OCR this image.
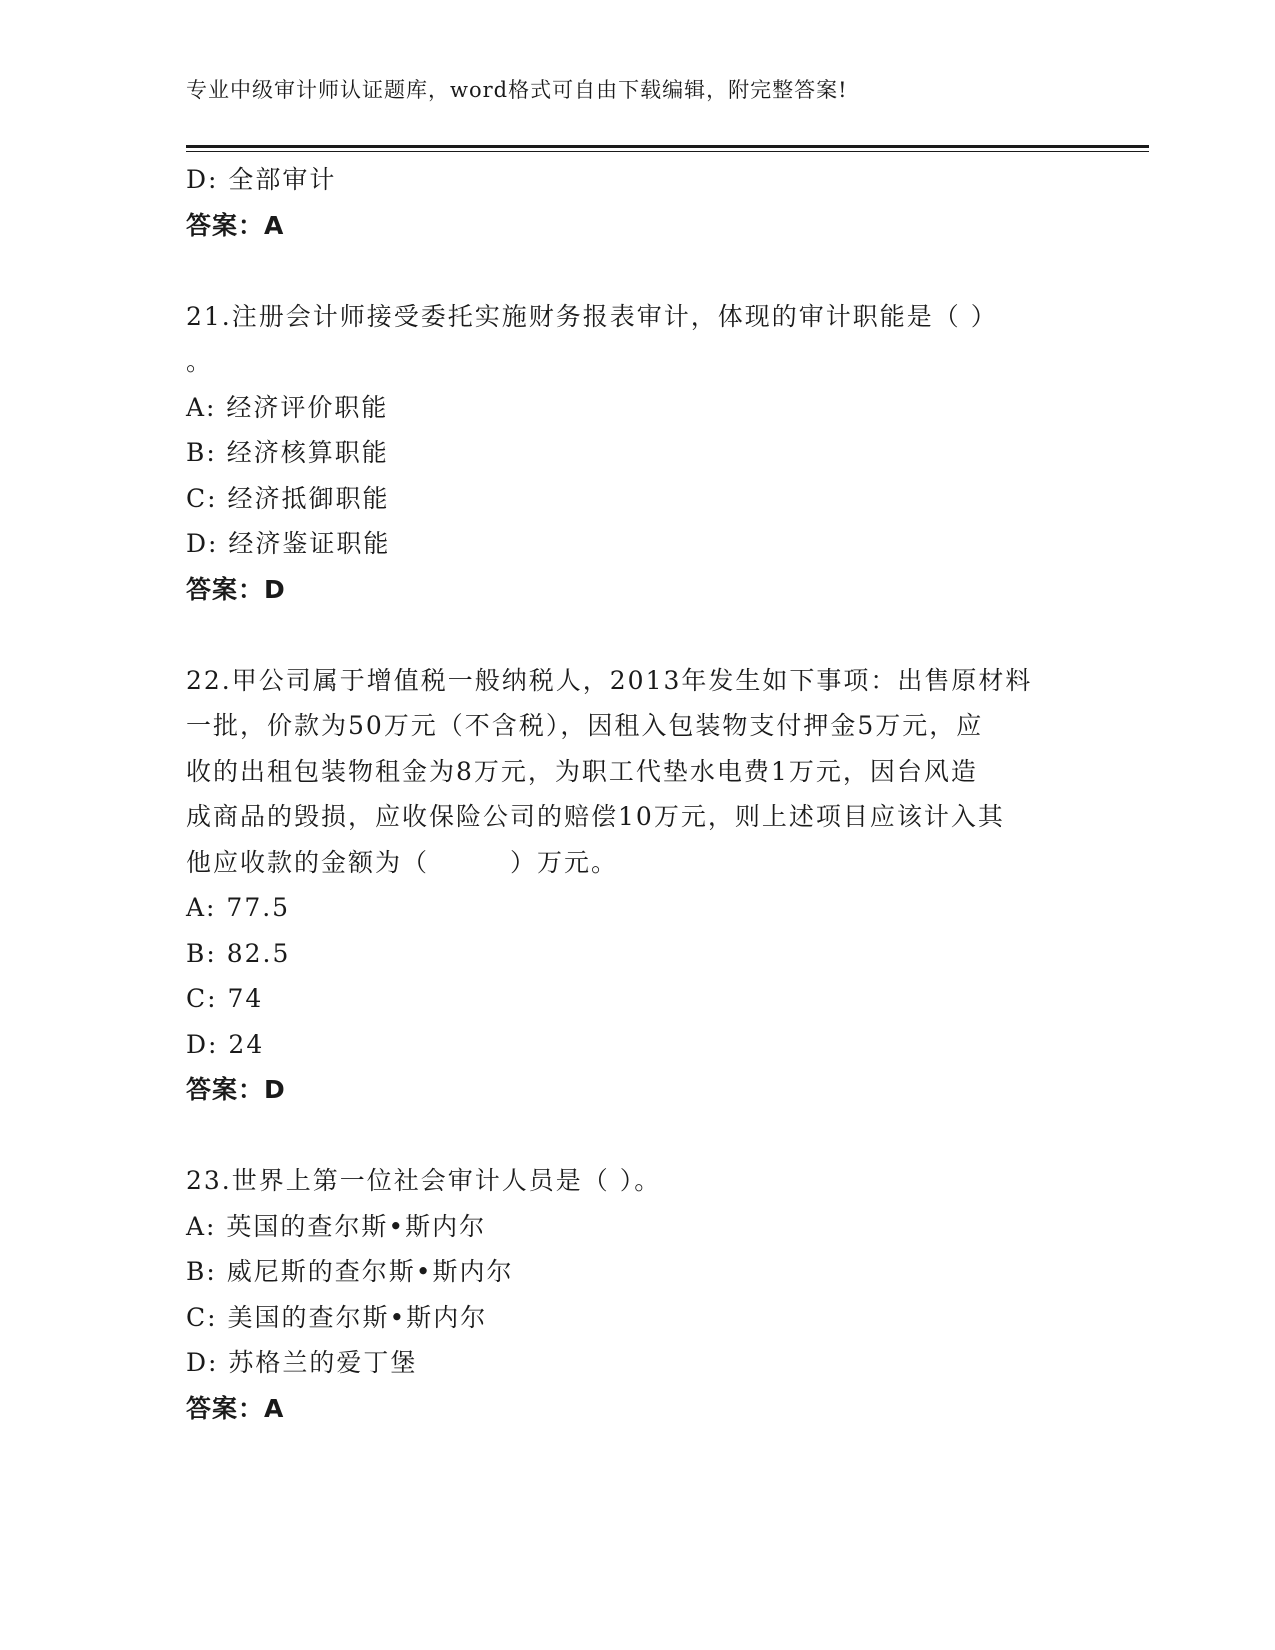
专业中级审计师认证题库，word格式可自由下载编辑，附完整答案!
D: 全部审计
答案：A
21.注册会计师接受委托实施财务报表审计，体现的审计职能是（ ）
。
A: 经济评价职能
B: 经济核算职能
C: 经济抵御职能
D: 经济鉴证职能
答案：D
22.甲公司属于增值税一般纳税人，2013年发生如下事项：出售原材料
一批，价款为50万元（不含税），因租入包装物支付押金5万元，应
收的出租包装物租金为8万元，为职工代垫水电费1万元，因台风造
成商品的毁损，应收保险公司的赔偿10万元，则上述项目应该计入其
他应收款的金额为（　　　）万元。
A: 77.5
B: 82.5
C: 74
D: 24
答案：D
23.世界上第一位社会审计人员是（ ）。
A: 英国的查尔斯•斯内尔
B: 威尼斯的查尔斯•斯内尔
C: 美国的查尔斯•斯内尔
D: 苏格兰的爱丁堡
答案：A
